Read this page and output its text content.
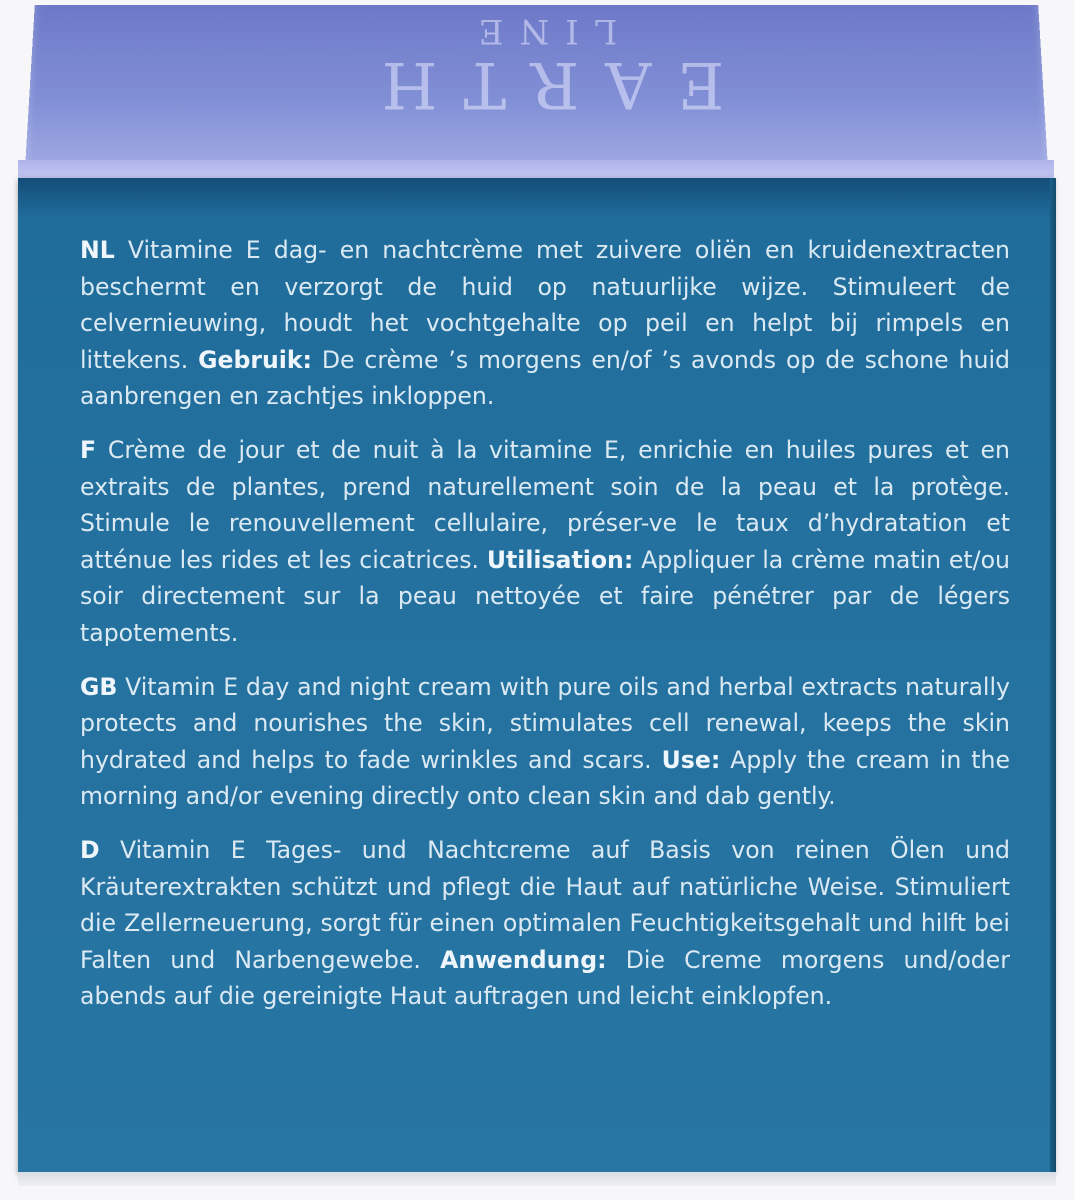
EARTH
LINE

NL Vitamine E dag- en nachtcrème met zuivere oliën en kruidenextracten beschermt en verzorgt de huid op natuurlijke wijze. Stimuleert de celvernieuwing, houdt het vochtgehalte op peil en helpt bij rimpels en littekens. Gebruik: De crème ’s morgens en/of ’s avonds op de schone huid aanbrengen en zachtjes inkloppen.

F Crème de jour et de nuit à la vitamine E, enrichie en huiles pures et en extraits de plantes, prend naturellement soin de la peau et la protège. Stimule le renouvellement cellulaire, préser-ve le taux d’hydratation et atténue les rides et les cicatrices. Utilisation: Appliquer la crème matin et/ou soir directement sur la peau nettoyée et faire pénétrer par de légers tapotements.

GB Vitamin E day and night cream with pure oils and herbal extracts naturally protects and nourishes the skin, stimulates cell renewal, keeps the skin hydrated and helps to fade wrinkles and scars. Use: Apply the cream in the morning and/or evening directly onto clean skin and dab gently.

D Vitamin E Tages- und Nachtcreme auf Basis von reinen Ölen und Kräuterextrakten schützt und pflegt die Haut auf natürliche Weise. Stimuliert die Zellerneuerung, sorgt für einen optimalen Feuchtigkeitsgehalt und hilft bei Falten und Narbengewebe. Anwendung: Die Creme morgens und/oder abends auf die gereinigte Haut auftragen und leicht einklopfen.
